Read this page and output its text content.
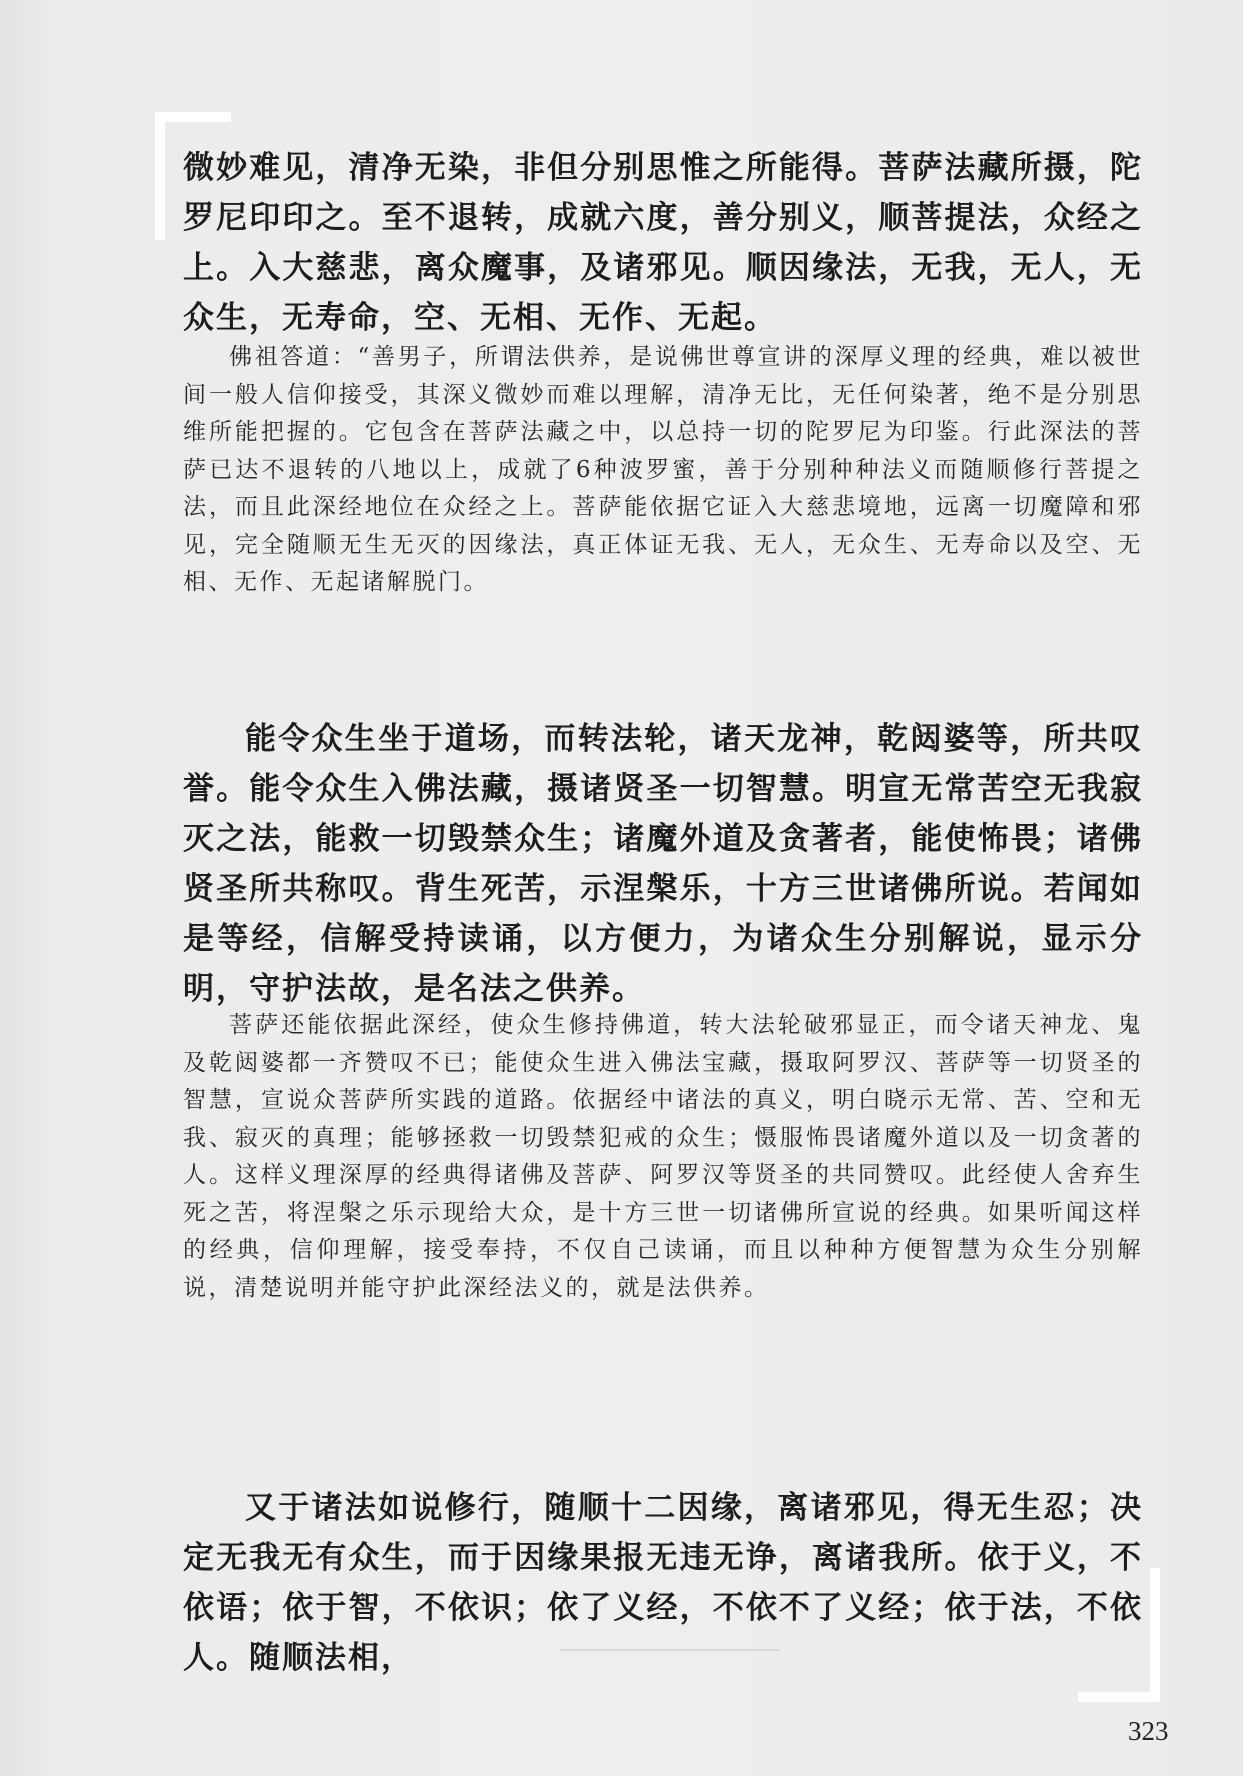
微妙难见，清净无染，非但分别思惟之所能得。菩萨法藏所摄，陀罗尼印印之。至不退转，成就六度，善分别义，顺菩提法，众经之上。入大慈悲，离众魔事，及诸邪见。顺因缘法，无我，无人，无众生，无寿命，空、无相、无作、无起。

佛祖答道：“善男子，所谓法供养，是说佛世尊宣讲的深厚义理的经典，难以被世间一般人信仰接受，其深义微妙而难以理解，清净无比，无任何染著，绝不是分别思维所能把握的。它包含在菩萨法藏之中，以总持一切的陀罗尼为印鉴。行此深法的菩萨已达不退转的八地以上，成就了6种波罗蜜，善于分别种种法义而随顺修行菩提之法，而且此深经地位在众经之上。菩萨能依据它证入大慈悲境地，远离一切魔障和邪见，完全随顺无生无灭的因缘法，真正体证无我、无人，无众生、无寿命以及空、无相、无作、无起诸解脱门。

能令众生坐于道场，而转法轮，诸天龙神，乾闼婆等，所共叹誉。能令众生入佛法藏，摄诸贤圣一切智慧。明宣无常苦空无我寂灭之法，能救一切毁禁众生；诸魔外道及贪著者，能使怖畏；诸佛贤圣所共称叹。背生死苦，示涅槃乐，十方三世诸佛所说。若闻如是等经，信解受持读诵，以方便力，为诸众生分别解说，显示分明，守护法故，是名法之供养。

菩萨还能依据此深经，使众生修持佛道，转大法轮破邪显正，而令诸天神龙、鬼及乾闼婆都一齐赞叹不已；能使众生进入佛法宝藏，摄取阿罗汉、菩萨等一切贤圣的智慧，宣说众菩萨所实践的道路。依据经中诸法的真义，明白晓示无常、苦、空和无我、寂灭的真理；能够拯救一切毁禁犯戒的众生；慑服怖畏诸魔外道以及一切贪著的人。这样义理深厚的经典得诸佛及菩萨、阿罗汉等贤圣的共同赞叹。此经使人舍弃生死之苦，将涅槃之乐示现给大众，是十方三世一切诸佛所宣说的经典。如果听闻这样的经典，信仰理解，接受奉持，不仅自己读诵，而且以种种方便智慧为众生分别解说，清楚说明并能守护此深经法义的，就是法供养。

又于诸法如说修行，随顺十二因缘，离诸邪见，得无生忍；决定无我无有众生，而于因缘果报无违无诤，离诸我所。依于义，不依语；依于智，不依识；依了义经，不依不了义经；依于法，不依人。随顺法相，

323
